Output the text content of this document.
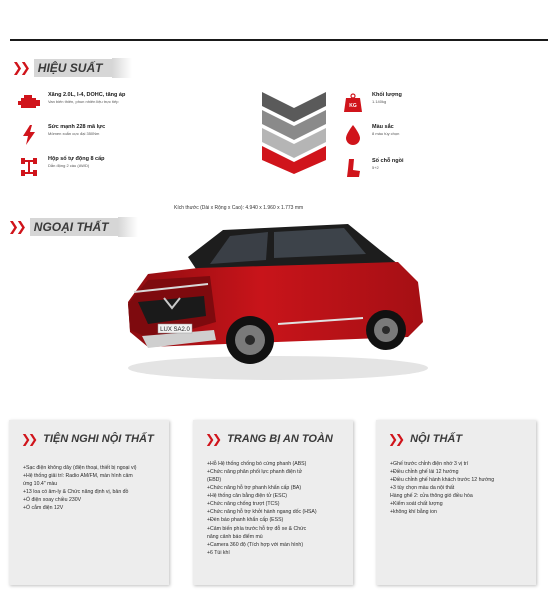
❯❯ HIỆU SUẤT
Xăng 2.0L, I-4, DOHC, tăng áp
Van biến thiên, phun nhiên liệu trực tiếp
Sức mạnh 228 mã lực
Mômen xoắn cực đại 350Nm
Hộp số tự động 8 cấp
Dẫn động 2 cầu (AWD)
KG
Khối lượng
1.140kg
Màu sắc
8 màu tùy chọn
Số chỗ ngồi
5+2
❯❯ NGOẠI THẤT
Kích thước (Dài x Rộng x Cao): 4.940 x 1.960 x 1.773 mm
LUX SA2.0
❯❯ TIỆN NGHI NỘI THẤT
+Sạc điện không dây (điện thoại, thiết bị ngoại vi)
+Hệ thống giải trí: Radio AM/FM, màn hình cảm
ứng 10.4" màu
+13 loa có âm-ly & Chức năng định vị, bản đồ
+Ổ điện xoay chiều 230V
+Ổ cắm điện 12V
❯❯ TRANG BỊ AN TOÀN
+Hỗ Hệ thống chống bó cứng phanh (ABS)
+Chức năng phân phối lực phanh điện tử
(EBD)
+Chức năng hỗ trợ phanh khẩn cấp (BA)
+Hệ thống cân bằng điện tử (ESC)
+Chức năng chống trượt (TCS)
+Chức năng hỗ trợ khởi hành ngang dốc (HSA)
+Đèn báo phanh khẩn cấp (ESS)
+Cảm biến phía trước hỗ trợ đỗ xe & Chức
năng cảnh báo điểm mù
+Camera 360 độ (Tích hợp với màn hình)
+6 Túi khí
❯❯ NỘI THẤT
+Ghế trước chỉnh điện nhớ 3 vị trí
+Điều chỉnh ghế lái 12 hướng
+Điều chỉnh ghế hành khách trước 12 hướng
+3 tùy chọn màu da nội thất
Hàng ghế 2: cửa thông gió điều hòa
+Kiểm soát chất lượng
+không khí bằng ion
